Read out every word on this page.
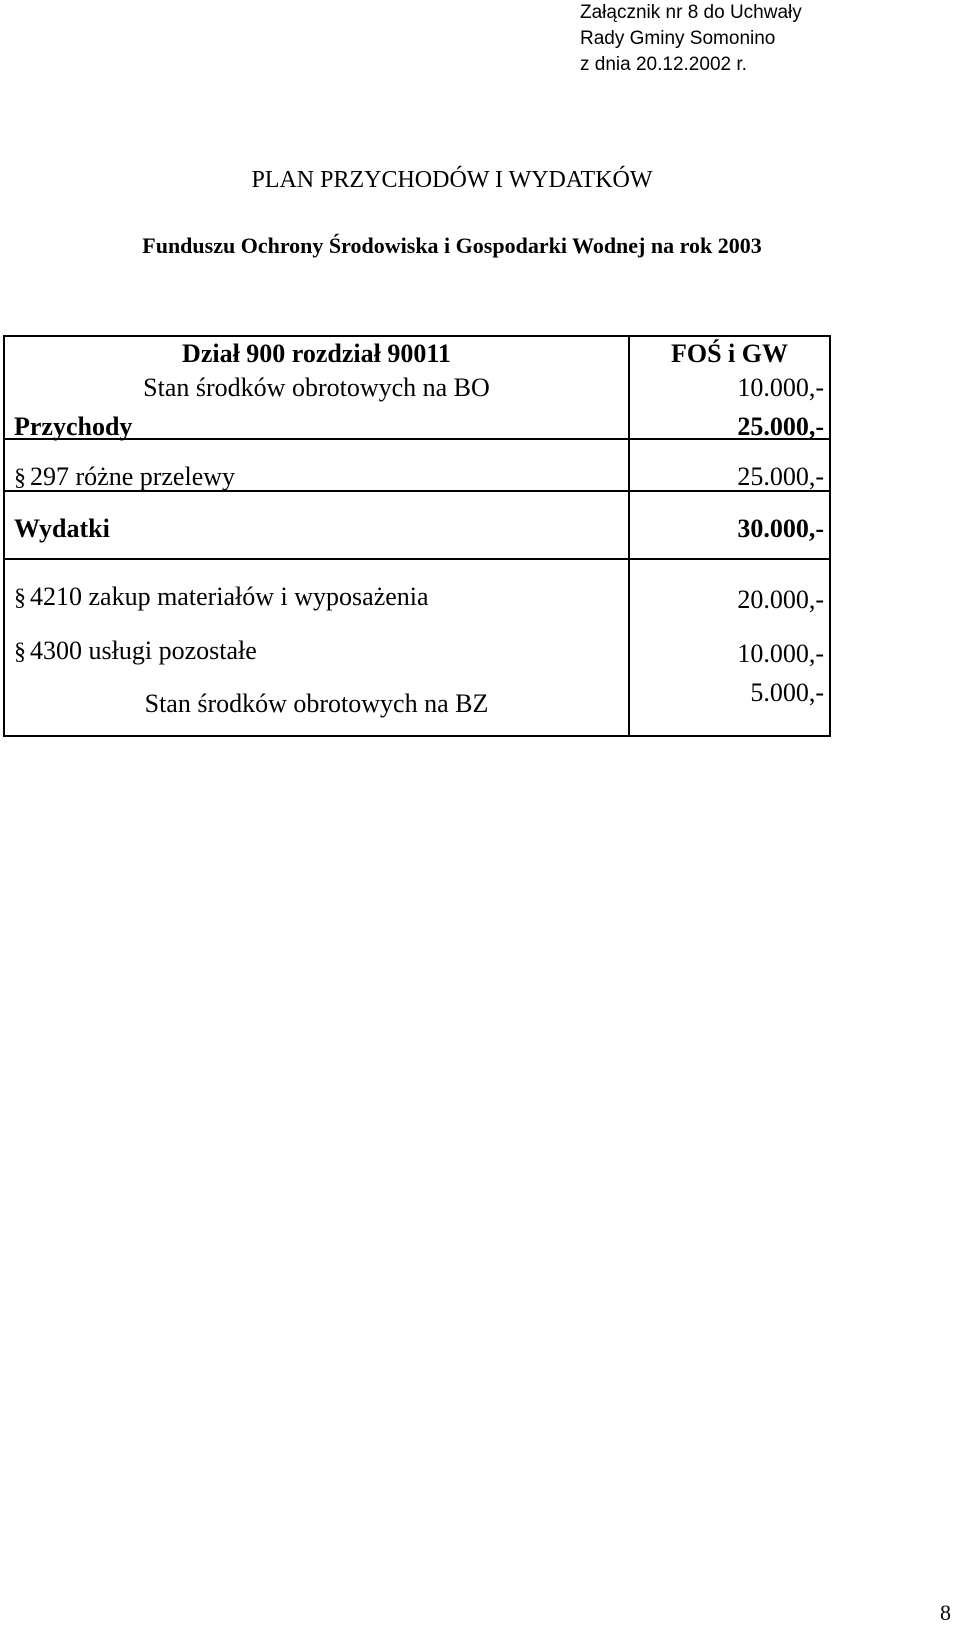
Załącznik nr 8 do Uchwały
Rady Gminy Somonino
z dnia 20.12.2002 r.
PLAN PRZYCHODÓW I WYDATKÓW
Funduszu Ochrony Środowiska i Gospodarki Wodnej na rok 2003
Dział 900 rozdział 90011	FOŚ i GW
Stan środków obrotowych na BO	10.000,-
Przychody	25.000,-
§ 297 różne przelewy	25.000,-
Wydatki	30.000,-
§ 4210 zakup materiałów i wyposażenia	20.000,-
§ 4300 usługi pozostałe	10.000,-
Stan środków obrotowych na BZ	5.000,-
8
